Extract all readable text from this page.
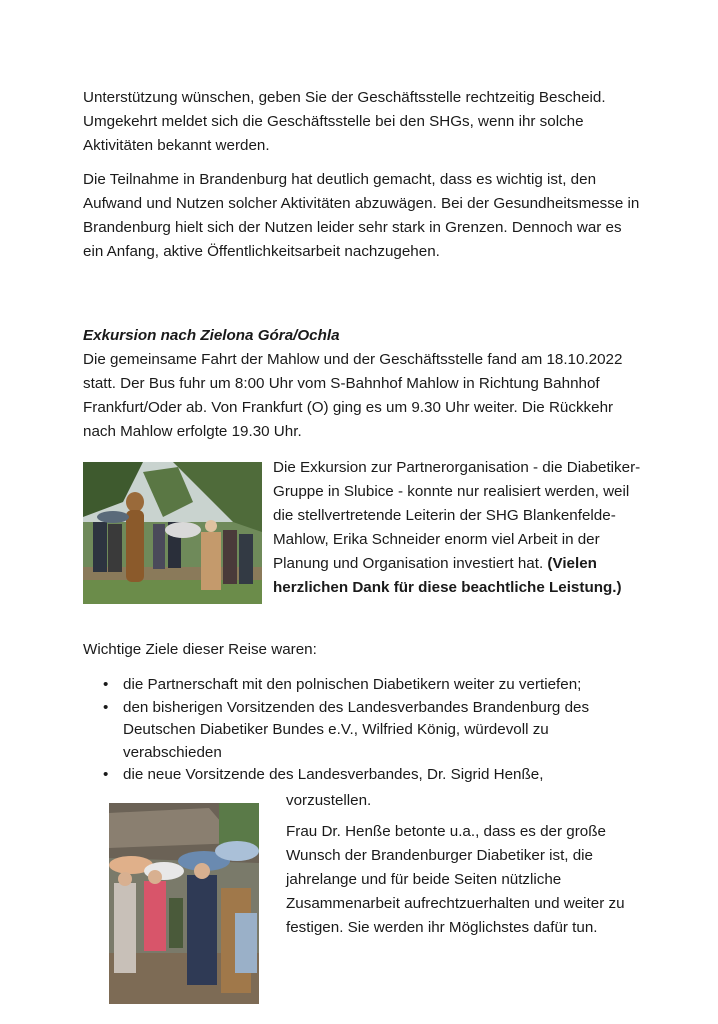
Unterstützung wünschen, geben Sie der Geschäftsstelle rechtzeitig Bescheid. Umgekehrt meldet sich die Geschäftsstelle bei den SHGs, wenn ihr solche Aktivitäten bekannt werden.

Die Teilnahme in Brandenburg hat deutlich gemacht, dass es wichtig ist, den Aufwand und Nutzen solcher Aktivitäten abzuwägen. Bei der Gesundheitsmesse in Brandenburg hielt sich der Nutzen leider sehr stark in Grenzen. Dennoch war es ein Anfang, aktive Öffentlichkeitsarbeit nachzugehen.

Exkursion nach Zielona Góra/Ochla

Die gemeinsame Fahrt der Mahlow und der Geschäftsstelle fand am 18.10.2022 statt. Der Bus fuhr um 8:00 Uhr vom S-Bahnhof Mahlow in Richtung Bahnhof Frankfurt/Oder ab. Von Frankfurt (O) ging es um 9.30 Uhr weiter. Die Rückkehr nach Mahlow erfolgte 19.30 Uhr.

Die Exkursion zur Partnerorganisation - die Diabetiker-Gruppe in Slubice - konnte nur realisiert werden, weil die stellvertretende Leiterin der SHG Blankenfelde-Mahlow, Erika Schneider enorm viel Arbeit in der Planung und Organisation investiert hat. (Vielen herzlichen Dank für diese beachtliche Leistung.)

Wichtige Ziele dieser Reise waren:

• die Partnerschaft mit den polnischen Diabetikern weiter zu vertiefen;
• den bisherigen Vorsitzenden des Landesverbandes Brandenburg des Deutschen Diabetiker Bundes e.V., Wilfried König, würdevoll zu verabschieden
• die neue Vorsitzende des Landesverbandes, Dr. Sigrid Henße,

vorzustellen.

Frau Dr. Henße betonte u.a., dass es der große Wunsch der Brandenburger Diabetiker ist, die jahrelange und für beide Seiten nützliche Zusammenarbeit aufrechtzuerhalten und weiter zu festigen. Sie werden ihr Möglichstes dafür tun.
